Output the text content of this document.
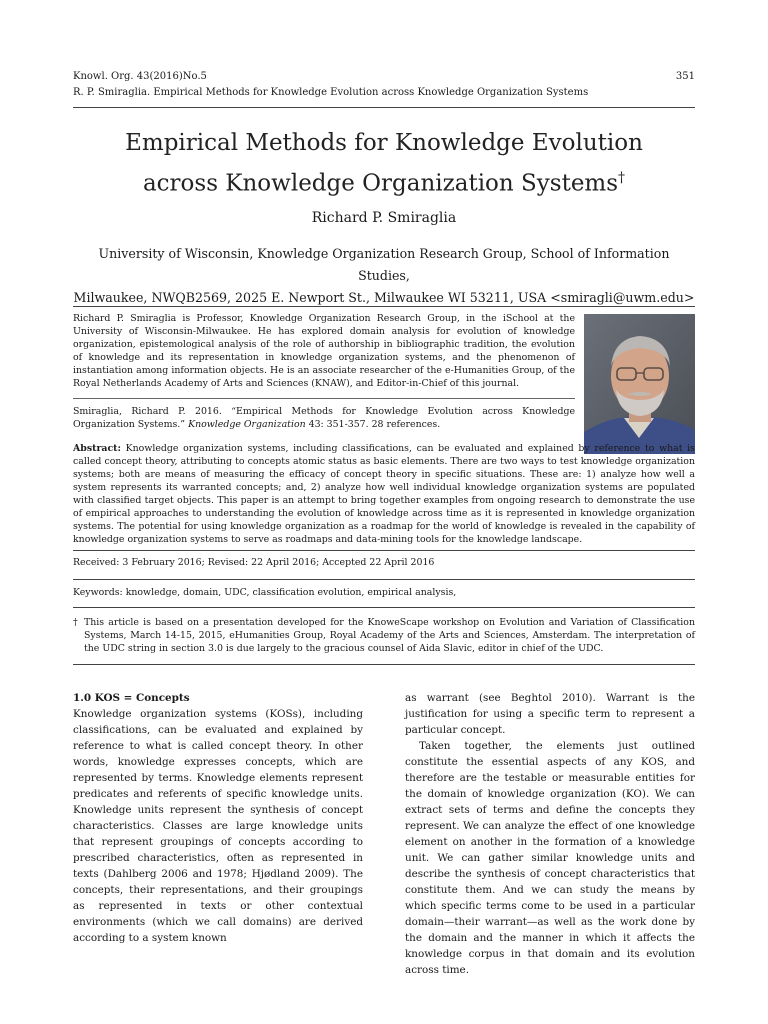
Knowl. Org. 43(2016)No.5	351
R. P. Smiraglia. Empirical Methods for Knowledge Evolution across Knowledge Organization Systems
Empirical Methods for Knowledge Evolution
across Knowledge Organization Systems†
Richard P. Smiraglia
University of Wisconsin, Knowledge Organization Research Group, School of Information Studies,
Milwaukee, NWQB2569, 2025 E. Newport St., Milwaukee WI 53211, USA <smiragli@uwm.edu>
Richard P. Smiraglia is Professor, Knowledge Organization Research Group, in the iSchool at the University of Wisconsin-Milwaukee. He has explored domain analysis for evolution of knowledge organization, epistemological analysis of the role of authorship in bibliographic tradition, the evolution of knowledge and its representation in knowledge organization systems, and the phenomenon of instantiation among information objects. He is an associate researcher of the e-Humanities Group, of the Royal Netherlands Academy of Arts and Sciences (KNAW), and Editor-in-Chief of this journal.
Smiraglia, Richard P. 2016. “Empirical Methods for Knowledge Evolution across Knowledge Organization Systems.” Knowledge Organization 43: 351-357. 28 references.
Abstract: Knowledge organization systems, including classifications, can be evaluated and explained by reference to what is called concept theory, attributing to concepts atomic status as basic elements. There are two ways to test knowledge organization systems; both are means of measuring the efficacy of concept theory in specific situations. These are: 1) analyze how well a system represents its warranted concepts; and, 2) analyze how well individual knowledge organization systems are populated with classified target objects. This paper is an attempt to bring together examples from ongoing research to demonstrate the use of empirical approaches to understanding the evolution of knowledge across time as it is represented in knowledge organization systems. The potential for using knowledge organization as a roadmap for the world of knowledge is revealed in the capability of knowledge organization systems to serve as roadmaps and data-mining tools for the knowledge landscape.
Received: 3 February 2016; Revised: 22 April 2016; Accepted 22 April 2016
Keywords: knowledge, domain, UDC, classification evolution, empirical analysis,
† This article is based on a presentation developed for the KnoweScape workshop on Evolution and Variation of Classification Systems, March 14-15, 2015, eHumanities Group, Royal Academy of the Arts and Sciences, Amsterdam. The interpretation of the UDC string in section 3.0 is due largely to the gracious counsel of Aida Slavic, editor in chief of the UDC.

1.0 KOS = Concepts

Knowledge organization systems (KOSs), including classifications, can be evaluated and explained by reference to what is called concept theory. In other words, knowledge expresses concepts, which are represented by terms. Knowledge elements represent predicates and referents of specific knowledge units. Knowledge units represent the synthesis of concept characteristics. Classes are large knowledge units that represent groupings of concepts according to prescribed characteristics, often as represented in texts (Dahlberg 2006 and 1978; Hjødland 2009). The concepts, their representations, and their groupings as represented in texts or other contextual environments (which we call domains) are derived according to a system known

as warrant (see Beghtol 2010). Warrant is the justification for using a specific term to represent a particular concept.

Taken together, the elements just outlined constitute the essential aspects of any KOS, and therefore are the testable or measurable entities for the domain of knowledge organization (KO). We can extract sets of terms and define the concepts they represent. We can analyze the effect of one knowledge element on another in the formation of a knowledge unit. We can gather similar knowledge units and describe the synthesis of concept characteristics that constitute them. And we can study the means by which specific terms come to be used in a particular domain—their warrant—as well as the work done by the domain and the manner in which it affects the knowledge corpus in that domain and its evolution across time.
